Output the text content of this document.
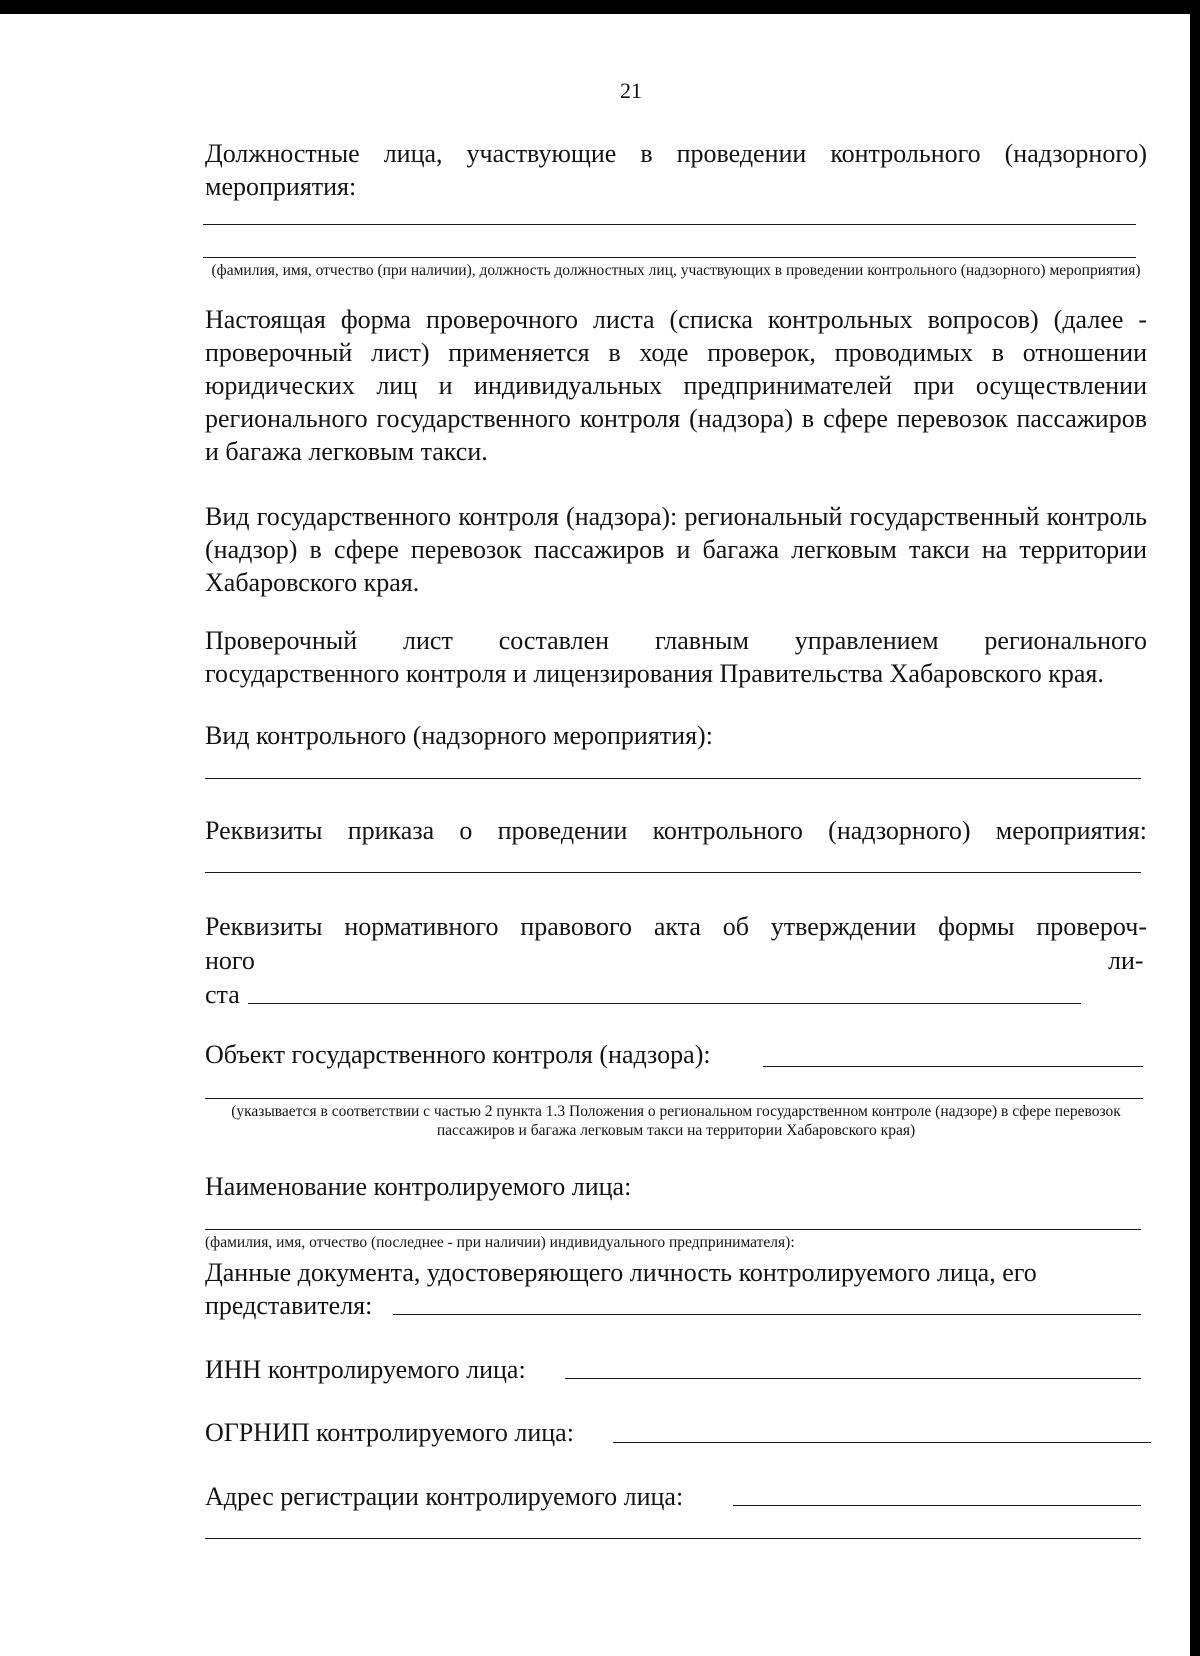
21
Должностные лица, участвующие в проведении контрольного (надзорного) мероприятия:
(фамилия, имя, отчество (при наличии), должность должностных лиц, участвующих в проведении контрольного (надзорного) мероприятия)
Настоящая форма проверочного листа (списка контрольных вопросов) (далее - проверочный лист) применяется в ходе проверок, проводимых в отношении юридических лиц и индивидуальных предпринимателей при осуществлении регионального государственного контроля (надзора) в сфере перевозок пассажиров и багажа легковым такси.
Вид государственного контроля (надзора): региональный государственный контроль (надзор) в сфере перевозок пассажиров и багажа легковым такси на территории Хабаровского края.
Проверочный лист составлен главным управлением регионального государственного контроля и лицензирования Правительства Хабаровского края.
Вид контрольного (надзорного мероприятия):
Реквизиты приказа о проведении контрольного (надзорного) мероприятия:
Реквизиты нормативного правового акта об утверждении формы провероч-
ного	ли-
ста
Объект государственного контроля (надзора):
(указывается в соответствии с частью 2 пункта 1.3 Положения о региональном государственном контроле (надзоре) в сфере перевозок пассажиров и багажа легковым такси на территории Хабаровского края)
Наименование контролируемого лица:
(фамилия, имя, отчество (последнее - при наличии) индивидуального предпринимателя):
Данные документа, удостоверяющего личность контролируемого лица, его
представителя:
ИНН контролируемого лица:
ОГРНИП контролируемого лица:
Адрес регистрации контролируемого лица:
